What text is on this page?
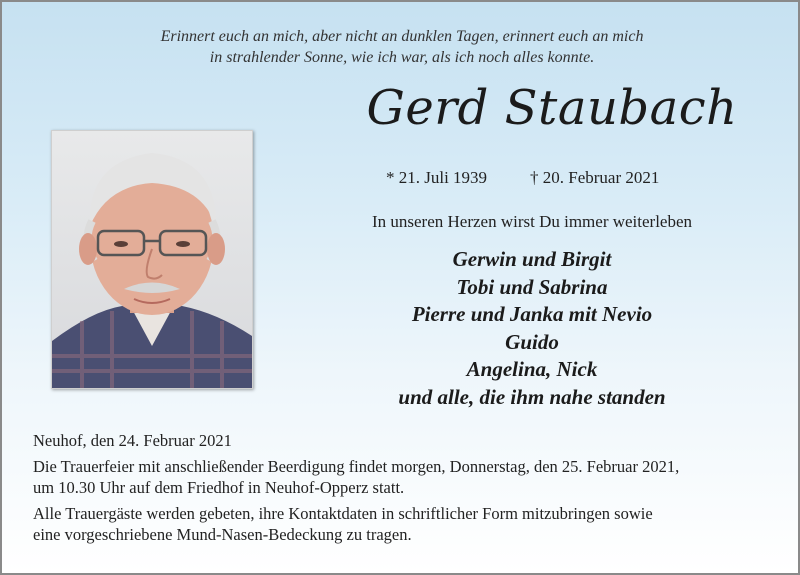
Erinnert euch an mich, aber nicht an dunklen Tagen, erinnert euch an mich
in strahlender Sonne, wie ich war, als ich noch alles konnte.
Gerd Staubach
* 21. Juli 1939	† 20. Februar 2021
In unseren Herzen wirst Du immer weiterleben
Gerwin und Birgit
Tobi und Sabrina
Pierre und Janka mit Nevio
Guido
Angelina, Nick
und alle, die ihm nahe standen
Neuhof, den 24. Februar 2021
Die Trauerfeier mit anschließender Beerdigung findet morgen, Donnerstag, den 25. Februar 2021,
um 10.30 Uhr auf dem Friedhof in Neuhof-Opperz statt.
Alle Trauergäste werden gebeten, ihre Kontaktdaten in schriftlicher Form mitzubringen sowie
eine vorgeschriebene Mund-Nasen-Bedeckung zu tragen.
